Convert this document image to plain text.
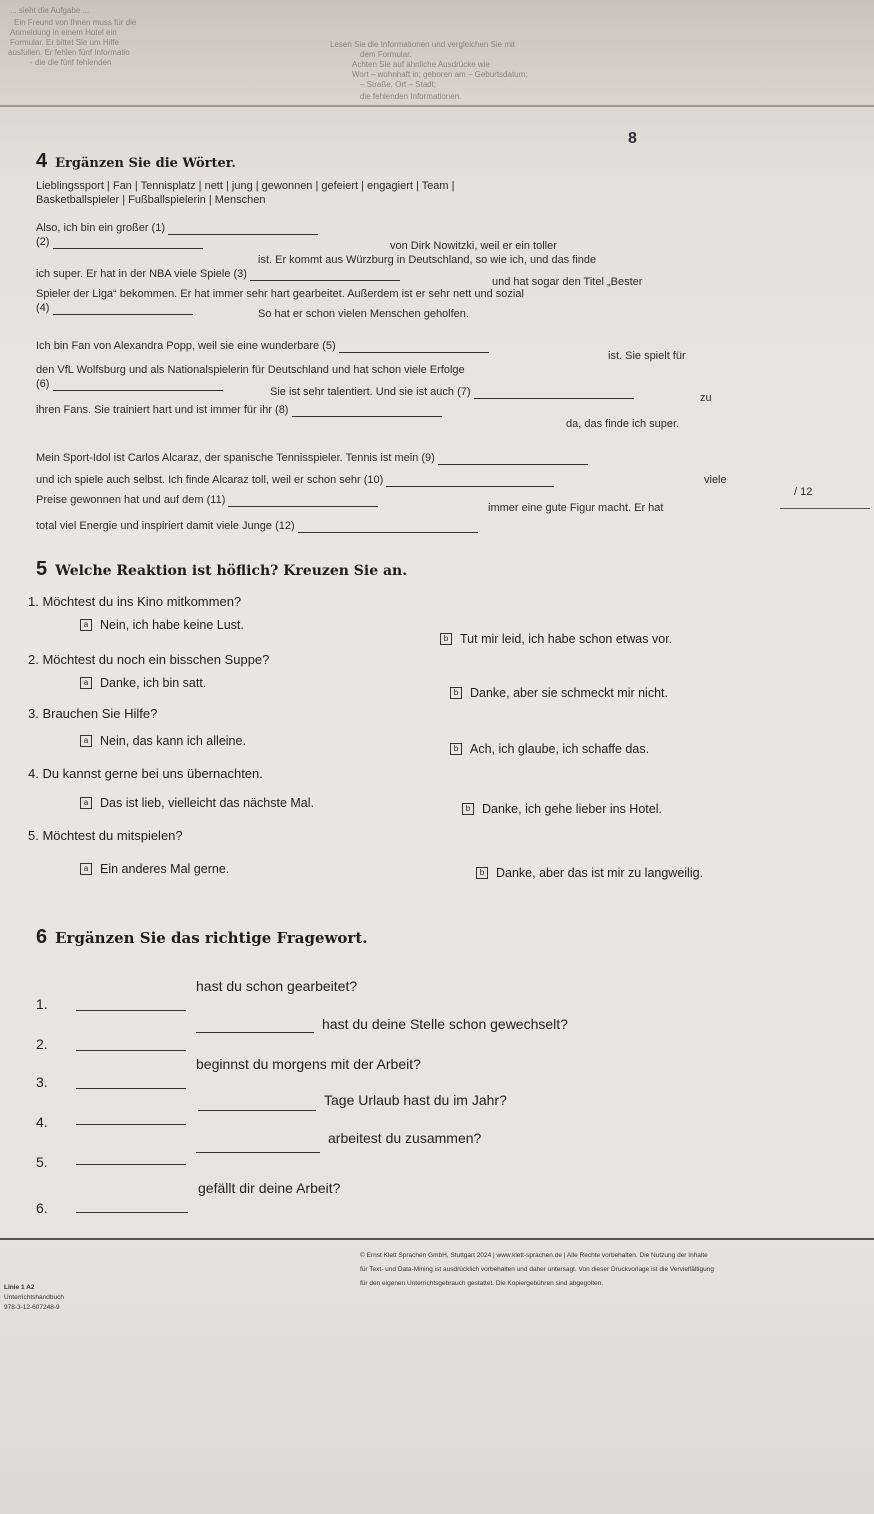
... sieht die Aufgabe ...
Ein Freund von Ihnen muss für die
Anmeldung in einem Hotel ein
Formular. Er bittet Sie um Hilfe
ausfüllen. Er fehlen fünf Informatio
- die die fünf fehlenden
Lesen Sie die Informationen und vergleichen Sie mit
dem Formular.
Achten Sie auf ähnliche Ausdrücke wie
Wort – wohnhaft in; geboren am – Geburtsdatum;
– Straße, Ort – Stadt;
die fehlenden Informationen.
8
4 Ergänzen Sie die Wörter.
Lieblingssport | Fan | Tennisplatz | nett | jung | gewonnen | gefeiert | engagiert | Team |
Basketballspieler | Fußballspielerin | Menschen
Also, ich bin ein großer (1)
(2)	von Dirk Nowitzki, weil er ein toller
ist. Er kommt aus Würzburg in Deutschland, so wie ich, und das finde
ich super. Er hat in der NBA viele Spiele (3)
und hat sogar den Titel „Bester
Spieler der Liga“ bekommen. Er hat immer sehr hart gearbeitet. Außerdem ist er sehr nett und sozial
(4)	So hat er schon vielen Menschen geholfen.
Ich bin Fan von Alexandra Popp, weil sie eine wunderbare (5)
ist. Sie spielt für
den VfL Wolfsburg und als Nationalspielerin für Deutschland und hat schon viele Erfolge
(6)
Sie ist sehr talentiert. Und sie ist auch (7)	zu
ihren Fans. Sie trainiert hart und ist immer für ihr (8)
da, das finde ich super.
Mein Sport-Idol ist Carlos Alcaraz, der spanische Tennisspieler. Tennis ist mein (9)
und ich spiele auch selbst. Ich finde Alcaraz toll, weil er schon sehr (10)	viele
Preise gewonnen hat und auf dem (11)
immer eine gute Figur macht. Er hat
total viel Energie und inspiriert damit viele Junge (12)
/ 12
5 Welche Reaktion ist höflich? Kreuzen Sie an.
1. Möchtest du ins Kino mitkommen?
a Nein, ich habe keine Lust.
b Tut mir leid, ich habe schon etwas vor.
2. Möchtest du noch ein bisschen Suppe?
a Danke, ich bin satt.
b Danke, aber sie schmeckt mir nicht.
3. Brauchen Sie Hilfe?
a Nein, das kann ich alleine.
b Ach, ich glaube, ich schaffe das.
4. Du kannst gerne bei uns übernachten.
a Das ist lieb, vielleicht das nächste Mal.	b Danke, ich gehe lieber ins Hotel.
5. Möchtest du mitspielen?
a Ein anderes Mal gerne.	b Danke, aber das ist mir zu langweilig.
6 Ergänzen Sie das richtige Fragewort.
1.
hast du schon gearbeitet?
2.
hast du deine Stelle schon gewechselt?
3.
beginnst du morgens mit der Arbeit?
4.
Tage Urlaub hast du im Jahr?
5.
arbeitest du zusammen?
6.
gefällt dir deine Arbeit?
Linie 1 A2
Unterrichtshandbuch
978-3-12-607248-9
© Ernst Klett Sprachen GmbH, Stuttgart 2024 | www.klett-sprachen.de | Alle Rechte vorbehalten. Die Nutzung der Inhalte
für Text- und Data-Mining ist ausdrücklich vorbehalten und daher untersagt. Von dieser Druckvorlage ist die Vervielfältigung
für den eigenen Unterrichtsgebrauch gestattet. Die Kopiergebühren sind abgegolten.
